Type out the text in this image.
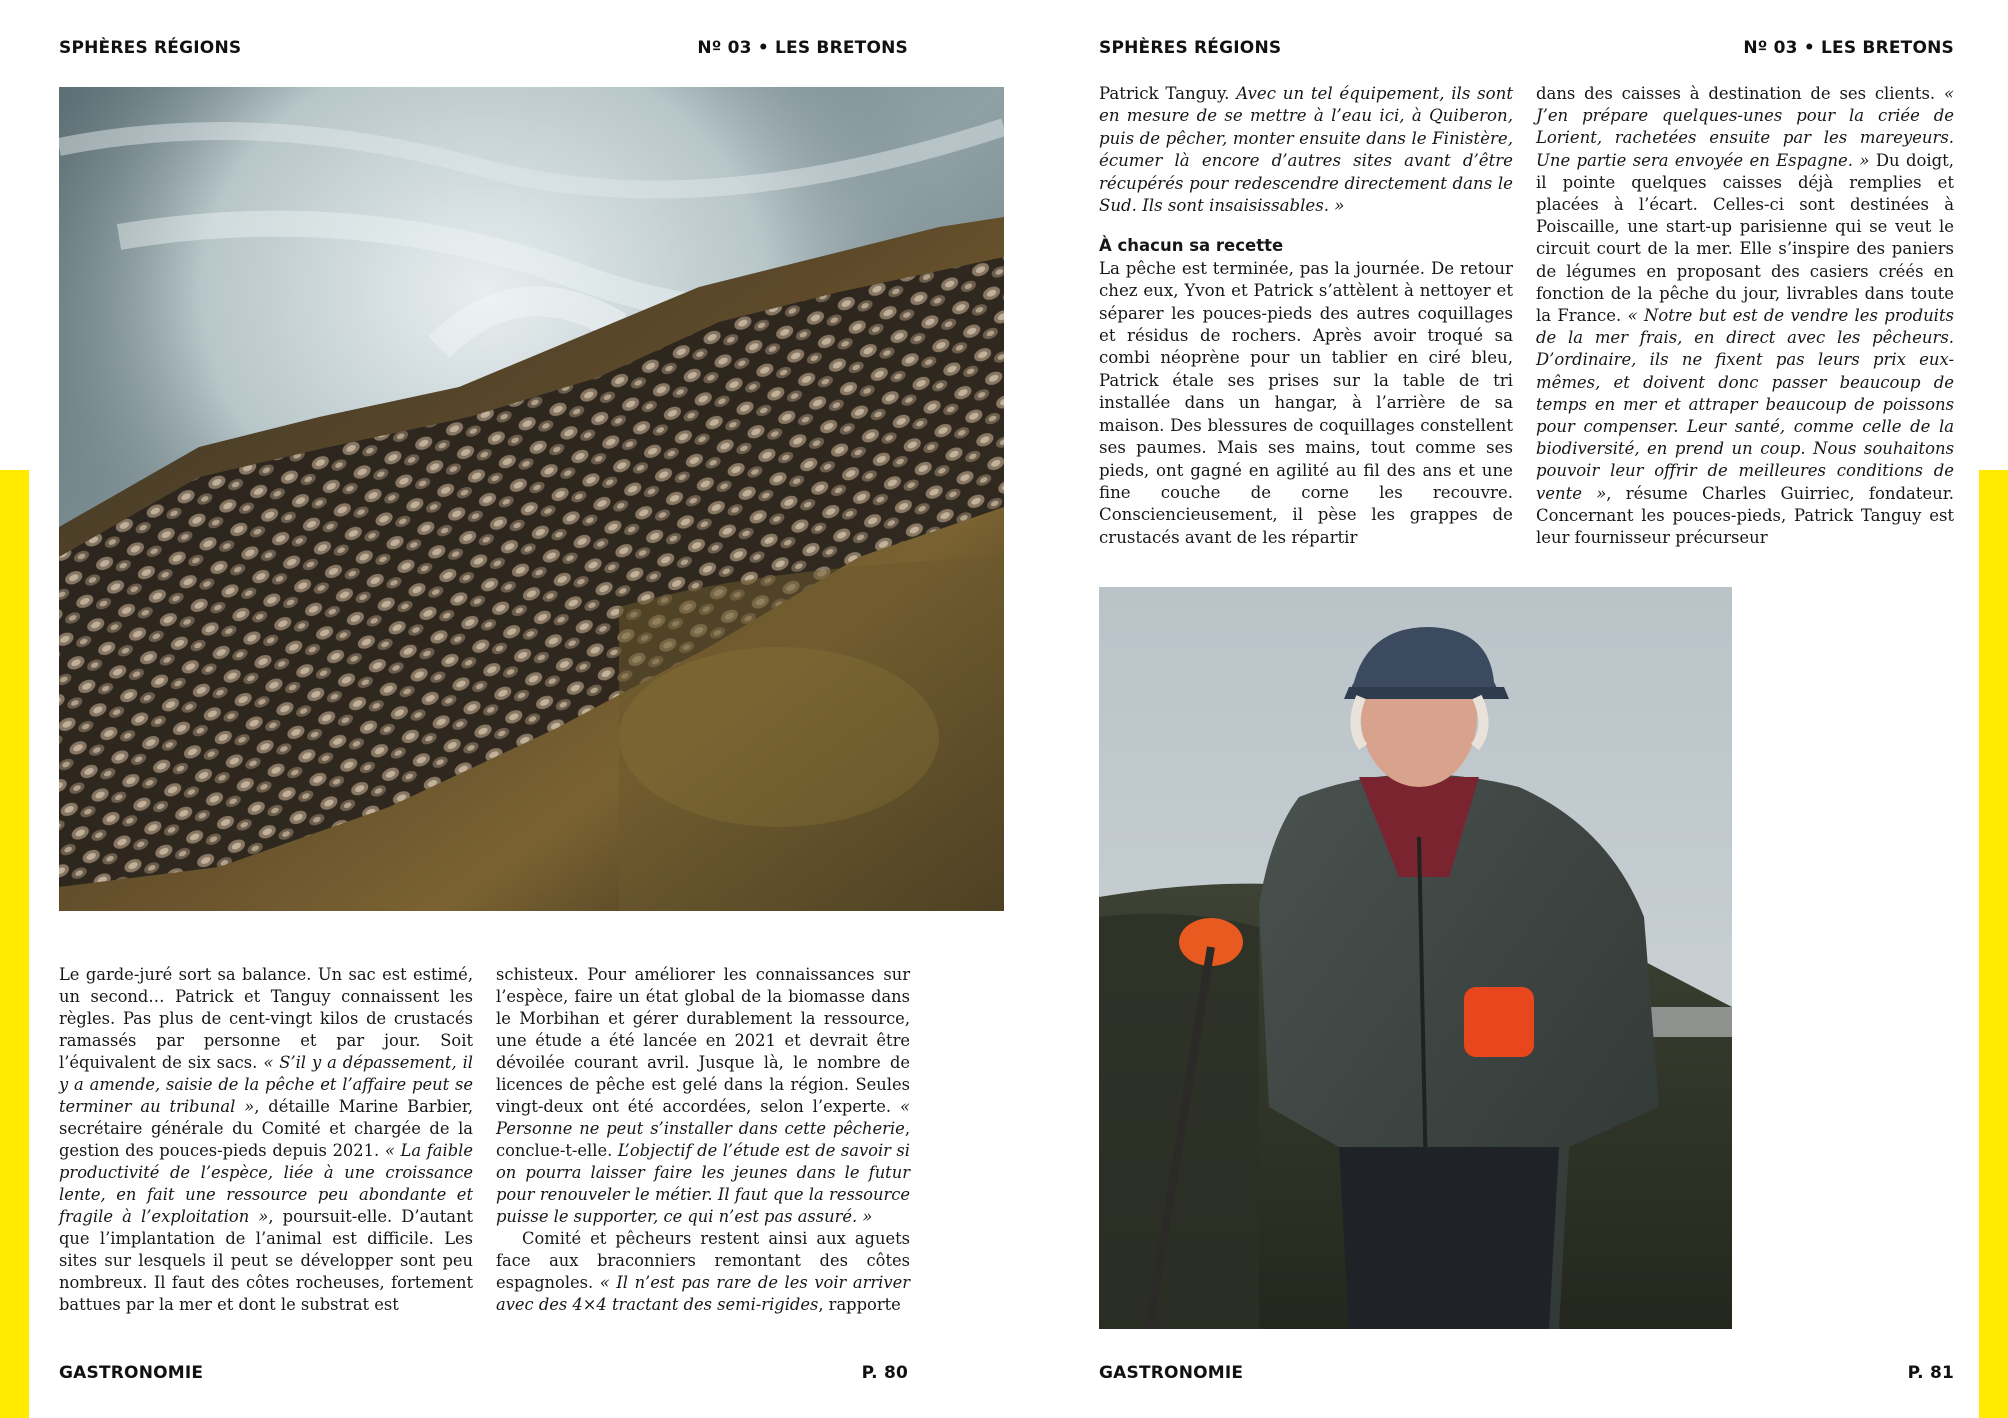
SPHÈRES RÉGIONS	Nº 03 • LES BRETONS

Le garde-juré sort sa balance. Un sac est estimé, un second… Patrick et Tanguy connaissent les règles. Pas plus de cent-vingt kilos de crustacés ramassés par personne et par jour. Soit l’équivalent de six sacs. « S’il y a dépassement, il y a amende, saisie de la pêche et l’affaire peut se terminer au tribunal », détaille Marine Barbier, secrétaire générale du Comité et chargée de la gestion des pouces-pieds depuis 2021. « La faible productivité de l’espèce, liée à une croissance lente, en fait une ressource peu abondante et fragile à l’exploitation », poursuit-elle. D’autant que l’implantation de l’animal est difficile. Les sites sur lesquels il peut se développer sont peu nombreux. Il faut des côtes rocheuses, fortement battues par la mer et dont le substrat est

schisteux. Pour améliorer les connaissances sur l’espèce, faire un état global de la biomasse dans le Morbihan et gérer durablement la ressource, une étude a été lancée en 2021 et devrait être dévoilée courant avril. Jusque là, le nombre de licences de pêche est gelé dans la région. Seules vingt-deux ont été accordées, selon l’experte. « Personne ne peut s’installer dans cette pêcherie, conclue-t-elle. L’objectif de l’étude est de savoir si on pourra laisser faire les jeunes dans le futur pour renouveler le métier. Il faut que la ressource puisse le supporter, ce qui n’est pas assuré. »

Comité et pêcheurs restent ainsi aux aguets face aux braconniers remontant des côtes espagnoles. « Il n’est pas rare de les voir arriver avec des 4×4 tractant des semi-rigides, rapporte

GASTRONOMIE	P. 80
SPHÈRES RÉGIONS	Nº 03 • LES BRETONS

Patrick Tanguy. Avec un tel équipement, ils sont en mesure de se mettre à l’eau ici, à Quiberon, puis de pêcher, monter ensuite dans le Finistère, écumer là encore d’autres sites avant d’être récupérés pour redescendre directement dans le Sud. Ils sont insaisissables. »

À chacun sa recette

La pêche est terminée, pas la journée. De retour chez eux, Yvon et Patrick s’attèlent à nettoyer et séparer les pouces-pieds des autres coquillages et résidus de rochers. Après avoir troqué sa combi néoprène pour un tablier en ciré bleu, Patrick étale ses prises sur la table de tri installée dans un hangar, à l’arrière de sa maison. Des blessures de coquillages constellent ses paumes. Mais ses mains, tout comme ses pieds, ont gagné en agilité au fil des ans et une fine couche de corne les recouvre. Consciencieusement, il pèse les grappes de crustacés avant de les répartir

dans des caisses à destination de ses clients. « J’en prépare quelques-unes pour la criée de Lorient, rachetées ensuite par les mareyeurs. Une partie sera envoyée en Espagne. » Du doigt, il pointe quelques caisses déjà remplies et placées à l’écart. Celles-ci sont destinées à Poiscaille, une start-up parisienne qui se veut le circuit court de la mer. Elle s’inspire des paniers de légumes en proposant des casiers créés en fonction de la pêche du jour, livrables dans toute la France. « Notre but est de vendre les produits de la mer frais, en direct avec les pêcheurs. D’ordinaire, ils ne fixent pas leurs prix eux-mêmes, et doivent donc passer beaucoup de temps en mer et attraper beaucoup de poissons pour compenser. Leur santé, comme celle de la biodiversité, en prend un coup. Nous souhaitons pouvoir leur offrir de meilleures conditions de vente », résume Charles Guirriec, fondateur. Concernant les pouces-pieds, Patrick Tanguy est leur fournisseur précurseur

GASTRONOMIE	P. 81
